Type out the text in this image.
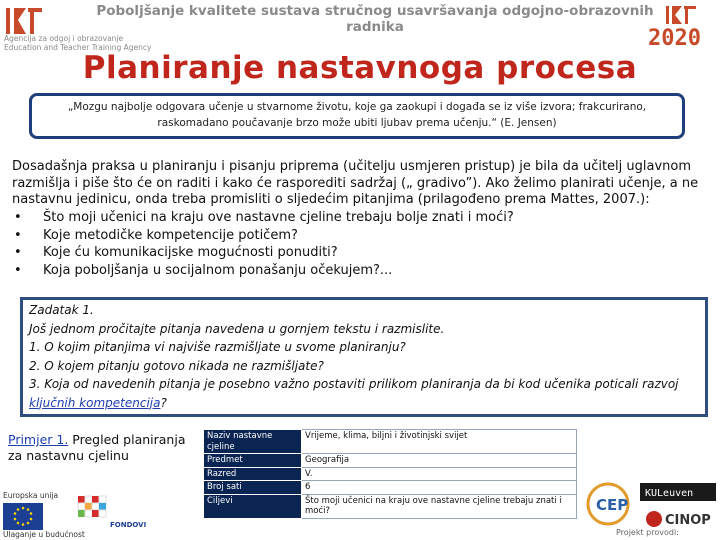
Agencija za odgoj i obrazovanje
Education and Teacher Training Agency
Poboljšanje kvalitete sustava stručnog usavršavanja odgojno-obrazovnih radnika	2020
Planiranje nastavnoga procesa
„Mozgu najbolje odgovara učenje u stvarnome životu, koje ga zaokupi i događa se iz više izvora; frakcurirano, raskomadano poučavanje brzo može ubiti ljubav prema učenju.“ (E. Jensen)
Dosadašnja praksa u planiranju i pisanju priprema (učitelju usmjeren pristup) je bila da učitelj uglavnom razmišlja i piše što će on raditi i kako će rasporediti sadržaj („ gradivo”). Ako želimo planirati učenje, a ne nastavnu jedinicu, onda treba promisliti o sljedećim pitanjima (prilagođeno prema Mattes, 2007.):
• Što moji učenici na kraju ove nastavne cjeline trebaju bolje znati i moći?
• Koje metodičke kompetencije potičem?
• Koje ću komunikacijske mogućnosti ponuditi?
• Koja poboljšanja u socijalnom ponašanju očekujem?...
Zadatak 1.
Još jednom pročitajte pitanja navedena u gornjem tekstu i razmislite.
1. O kojim pitanjima vi najviše razmišljate u svome planiranju?
2. O kojem pitanju gotovo nikada ne razmišljate?
3. Koja od navedenih pitanja je posebno važno postaviti prilikom planiranja da bi kod učenika poticali razvoj ključnih kompetencija?
Primjer 1. Pregled planiranja za nastavnu cjelinu
Naziv nastavne cjeline	Vrijeme, klima, biljni i životinjski svijet
Predmet	Geografija
Razred	V.
Broj sati	6
Ciljevi	Što moji učenici na kraju ove nastavne cjeline trebaju znati i moći?
Europska unija
FONDOVI
Ulaganje u budućnost
CEP
KULeuven
CINOP
Projekt provodi:
